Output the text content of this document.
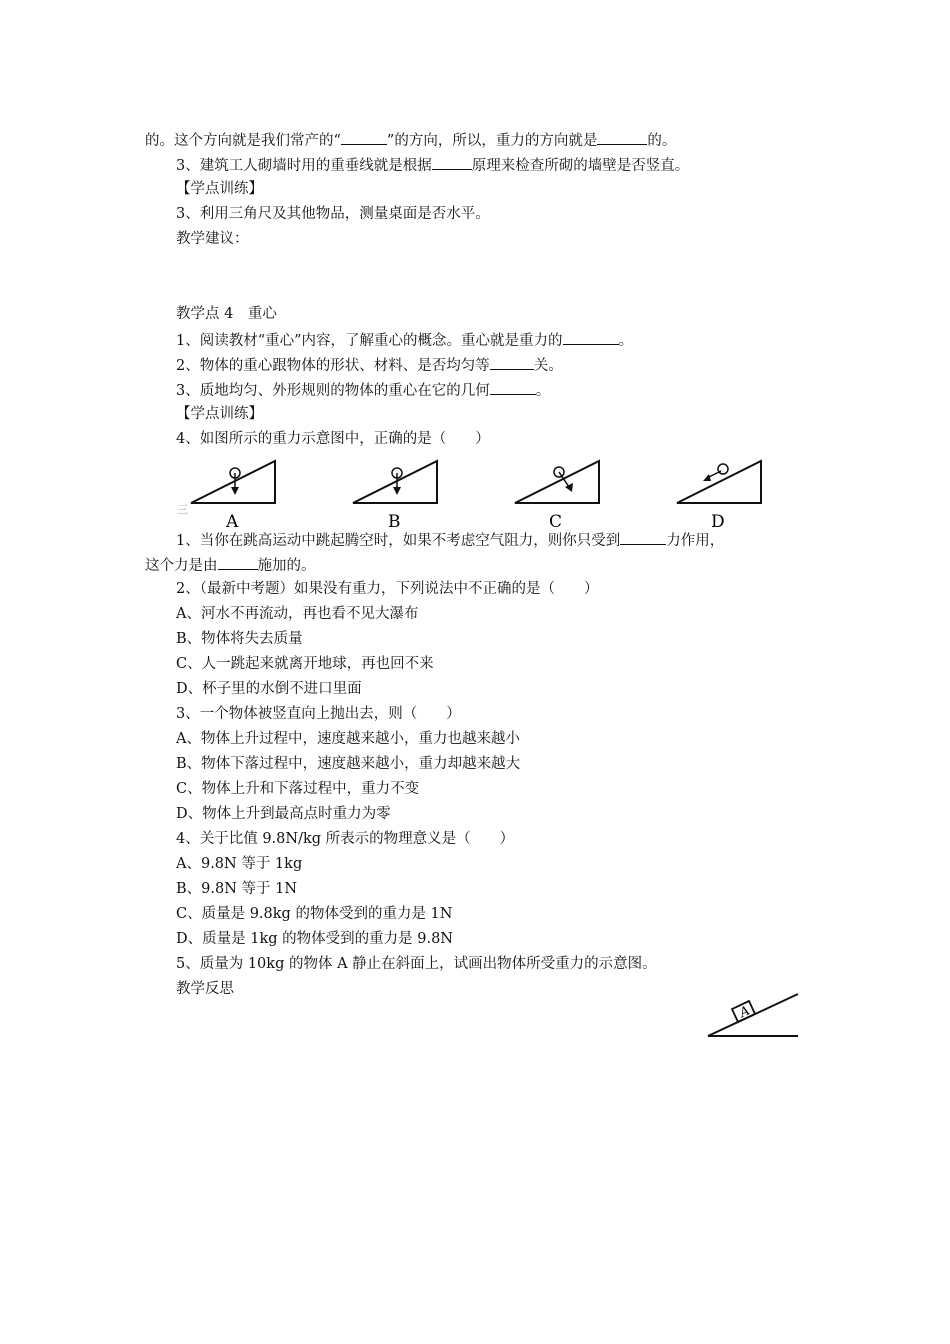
的。这个方向就是我们常产的“	”的方向，所以，重力的方向就是	的。
3、建筑工人砌墙时用的重垂线就是根据	原理来检查所砌的墙壁是否竖直。
【学点训练】
3、利用三角尺及其他物品，测量桌面是否水平。
教学建议：
教学点 4　重心
1、阅读教材“重心”内容，了解重心的概念。重心就是重力的	。
2、物体的重心跟物体的形状、材料、是否均匀等	关。
3、质地均匀、外形规则的物体的重心在它的几何	。
【学点训练】
4、如图所示的重力示意图中，正确的是（　　）
三
A	B	C	D
1、当你在跳高运动中跳起腾空时，如果不考虑空气阻力，则你只受到	力作用，
这个力是由	施加的。
2、（最新中考题）如果没有重力，下列说法中不正确的是（　　）
A、河水不再流动，再也看不见大瀑布
B、物体将失去质量
C、人一跳起来就离开地球，再也回不来
D、杯子里的水倒不进口里面
3、一个物体被竖直向上抛出去，则（　　）
A、物体上升过程中，速度越来越小，重力也越来越小
B、物体下落过程中，速度越来越小，重力却越来越大
C、物体上升和下落过程中，重力不变
D、物体上升到最高点时重力为零
4、关于比值 9.8N/kg 所表示的物理意义是（　　）
A、9.8N 等于 1kg
B、9.8N 等于 1N
C、质量是 9.8kg 的物体受到的重力是 1N
D、质量是 1kg 的物体受到的重力是 9.8N
5、质量为 10kg 的物体 A 静止在斜面上，试画出物体所受重力的示意图。
教学反思
A
